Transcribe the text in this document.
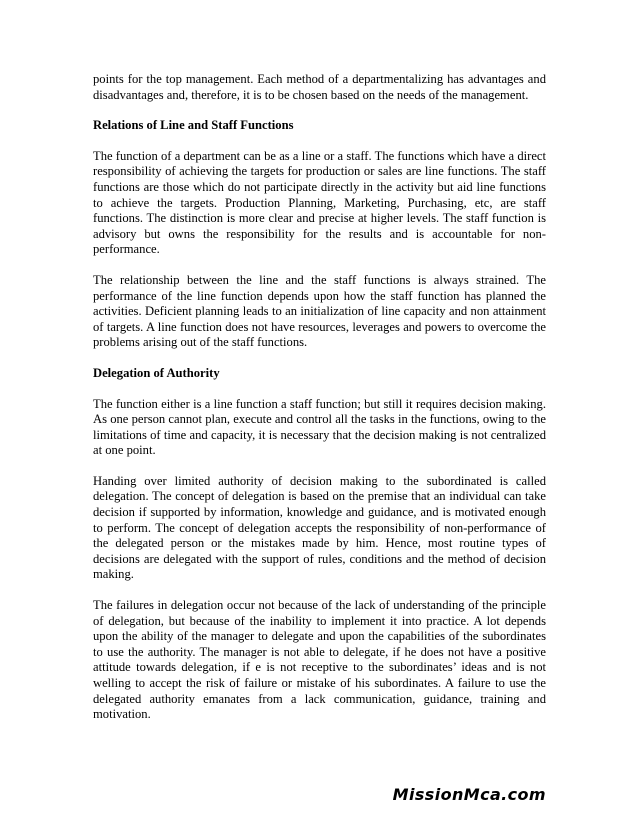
points for the top management. Each method of a departmentalizing has advantages and disadvantages and, therefore, it is to be chosen based on the needs of the management.

Relations of Line and Staff Functions

The function of a department can be as a line or a staff. The functions which have a direct responsibility of achieving the targets for production or sales are line functions. The staff functions are those which do not participate directly in the activity but aid line functions to achieve the targets. Production Planning, Marketing, Purchasing, etc, are staff functions. The distinction is more clear and precise at higher levels. The staff function is advisory but owns the responsibility for the results and is accountable for non-performance.

The relationship between the line and the staff functions is always strained. The performance of the line function depends upon how the staff function has planned the activities. Deficient planning leads to an initialization of line capacity and non attainment of targets. A line function does not have resources, leverages and powers to overcome the problems arising out of the staff functions.

Delegation of Authority

The function either is a line function a staff function; but still it requires decision making. As one person cannot plan, execute and control all the tasks in the functions, owing to the limitations of time and capacity, it is necessary that the decision making is not centralized at one point.

Handing over limited authority of decision making to the subordinated is called delegation. The concept of delegation is based on the premise that an individual can take decision if supported by information, knowledge and guidance, and is motivated enough to perform. The concept of delegation accepts the responsibility of non-performance of the delegated person or the mistakes made by him. Hence, most routine types of decisions are delegated with the support of rules, conditions and the method of decision making.

The failures in delegation occur not because of the lack of understanding of the principle of delegation, but because of the inability to implement it into practice. A lot depends upon the ability of the manager to delegate and upon the capabilities of the subordinates to use the authority. The manager is not able to delegate, if he does not have a positive attitude towards delegation, if e is not receptive to the subordinates’ ideas and is not welling to accept the risk of failure or mistake of his subordinates. A failure to use the delegated authority emanates from a lack communication, guidance, training and motivation.

MissionMca.com
